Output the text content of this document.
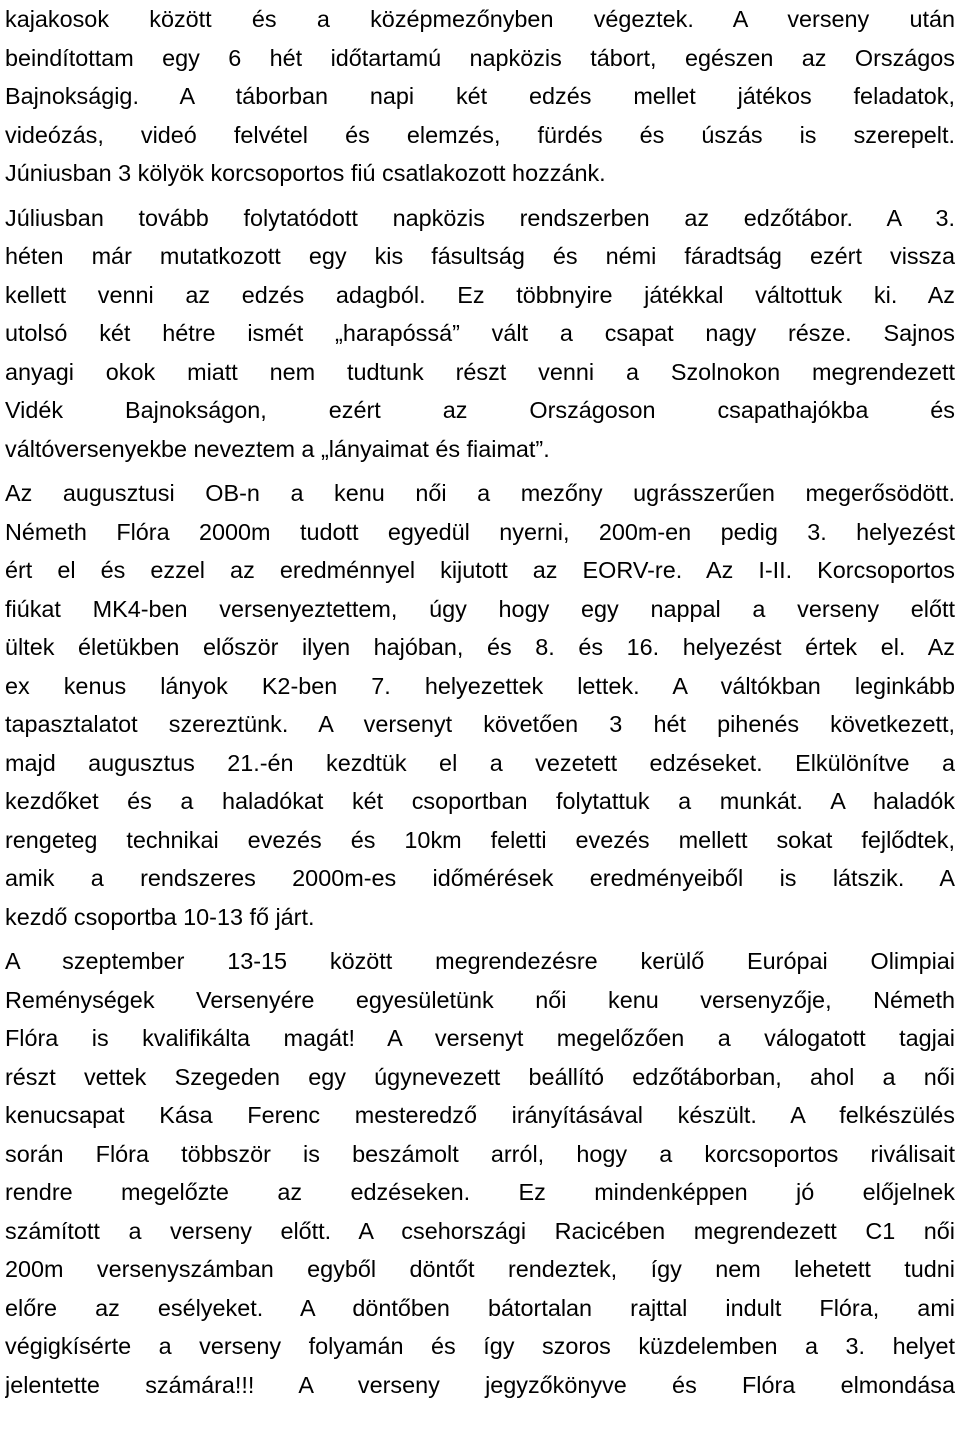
kajakosok között és a középmezőnyben végeztek. A verseny után
beindítottam egy 6 hét időtartamú napközis tábort, egészen az Országos
Bajnokságig. A táborban napi két edzés mellet játékos feladatok,
videózás, videó felvétel és elemzés, fürdés és úszás is szerepelt.
Júniusban 3 kölyök korcsoportos fiú csatlakozott hozzánk.
Júliusban tovább folytatódott napközis rendszerben az edzőtábor. A 3.
héten már mutatkozott egy kis fásultság és némi fáradtság ezért vissza
kellett venni az edzés adagból. Ez többnyire játékkal váltottuk ki. Az
utolsó két hétre ismét „harapóssá” vált a csapat nagy része. Sajnos
anyagi okok miatt nem tudtunk részt venni a Szolnokon megrendezett
Vidék Bajnokságon, ezért az Országoson csapathajókba és
váltóversenyekbe neveztem a „lányaimat és fiaimat”.
Az augusztusi OB-n a kenu női a mezőny ugrásszerűen megerősödött.
Németh Flóra 2000m tudott egyedül nyerni, 200m-en pedig 3. helyezést
ért el és ezzel az eredménnyel kijutott az EORV-re. Az I-II. Korcsoportos
fiúkat MK4-ben versenyeztettem, úgy hogy egy nappal a verseny előtt
ültek életükben először ilyen hajóban, és 8. és 16. helyezést értek el. Az
ex kenus lányok K2-ben 7. helyezettek lettek. A váltókban leginkább
tapasztalatot szereztünk. A versenyt követően 3 hét pihenés következett,
majd augusztus 21.-én kezdtük el a vezetett edzéseket. Elkülönítve a
kezdőket és a haladókat két csoportban folytattuk a munkát. A haladók
rengeteg technikai evezés és 10km feletti evezés mellett sokat fejlődtek,
amik a rendszeres 2000m-es időmérések eredményeiből is látszik. A
kezdő csoportba 10-13 fő járt.
A szeptember 13-15 között megrendezésre kerülő Európai Olimpiai
Reménységek Versenyére egyesületünk női kenu versenyzője, Németh
Flóra is kvalifikálta magát! A versenyt megelőzően a válogatott tagjai
részt vettek Szegeden egy úgynevezett beállító edzőtáborban, ahol a női
kenucsapat Kása Ferenc mesteredző irányításával készült. A felkészülés
során Flóra többször is beszámolt arról, hogy a korcsoportos riválisait
rendre megelőzte az edzéseken. Ez mindenképpen jó előjelnek
számított a verseny előtt. A csehországi Racicében megrendezett C1 női
200m versenyszámban egyből döntőt rendeztek, így nem lehetett tudni
előre az esélyeket. A döntőben bátortalan rajttal indult Flóra, ami
végigkísérte a verseny folyamán és így szoros küzdelemben a 3. helyet
jelentette számára!!! A verseny jegyzőkönyve és Flóra elmondása
